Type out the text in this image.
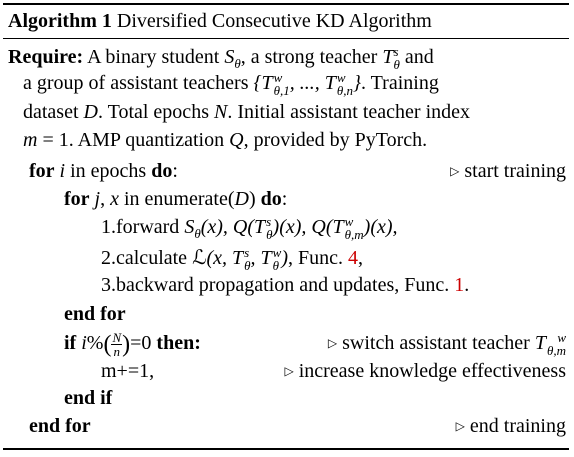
Algorithm 1 Diversified Consecutive KD Algorithm
Require: A binary student $S_\theta$, a strong teacher T s
θ and
a group of assistant teachers {T w
θ,1 , ..., T w
θ,n }. Training
dataset D. Total epochs N. Initial assistant teacher index
m = 1. AMP quantization Q, provided by PyTorch.
for i in epochs do:	▷ start training
for j, x in enumerate(D) do:
1.forward $S_\theta(x)$, Q(T s
θ )(x), Q(T w
θ,m )(x),
2.calculate ℒ(x, T s
θ , T w
θ ), Func. 4,
3.backward propagation and updates, Func. 1.
end for
if $i\%( \frac{N}{n} )=0$ then:	▷ switch assistant teacher T w
θ,m
m+=1,	▷ increase knowledge effectiveness
end if
end for	▷ end training
